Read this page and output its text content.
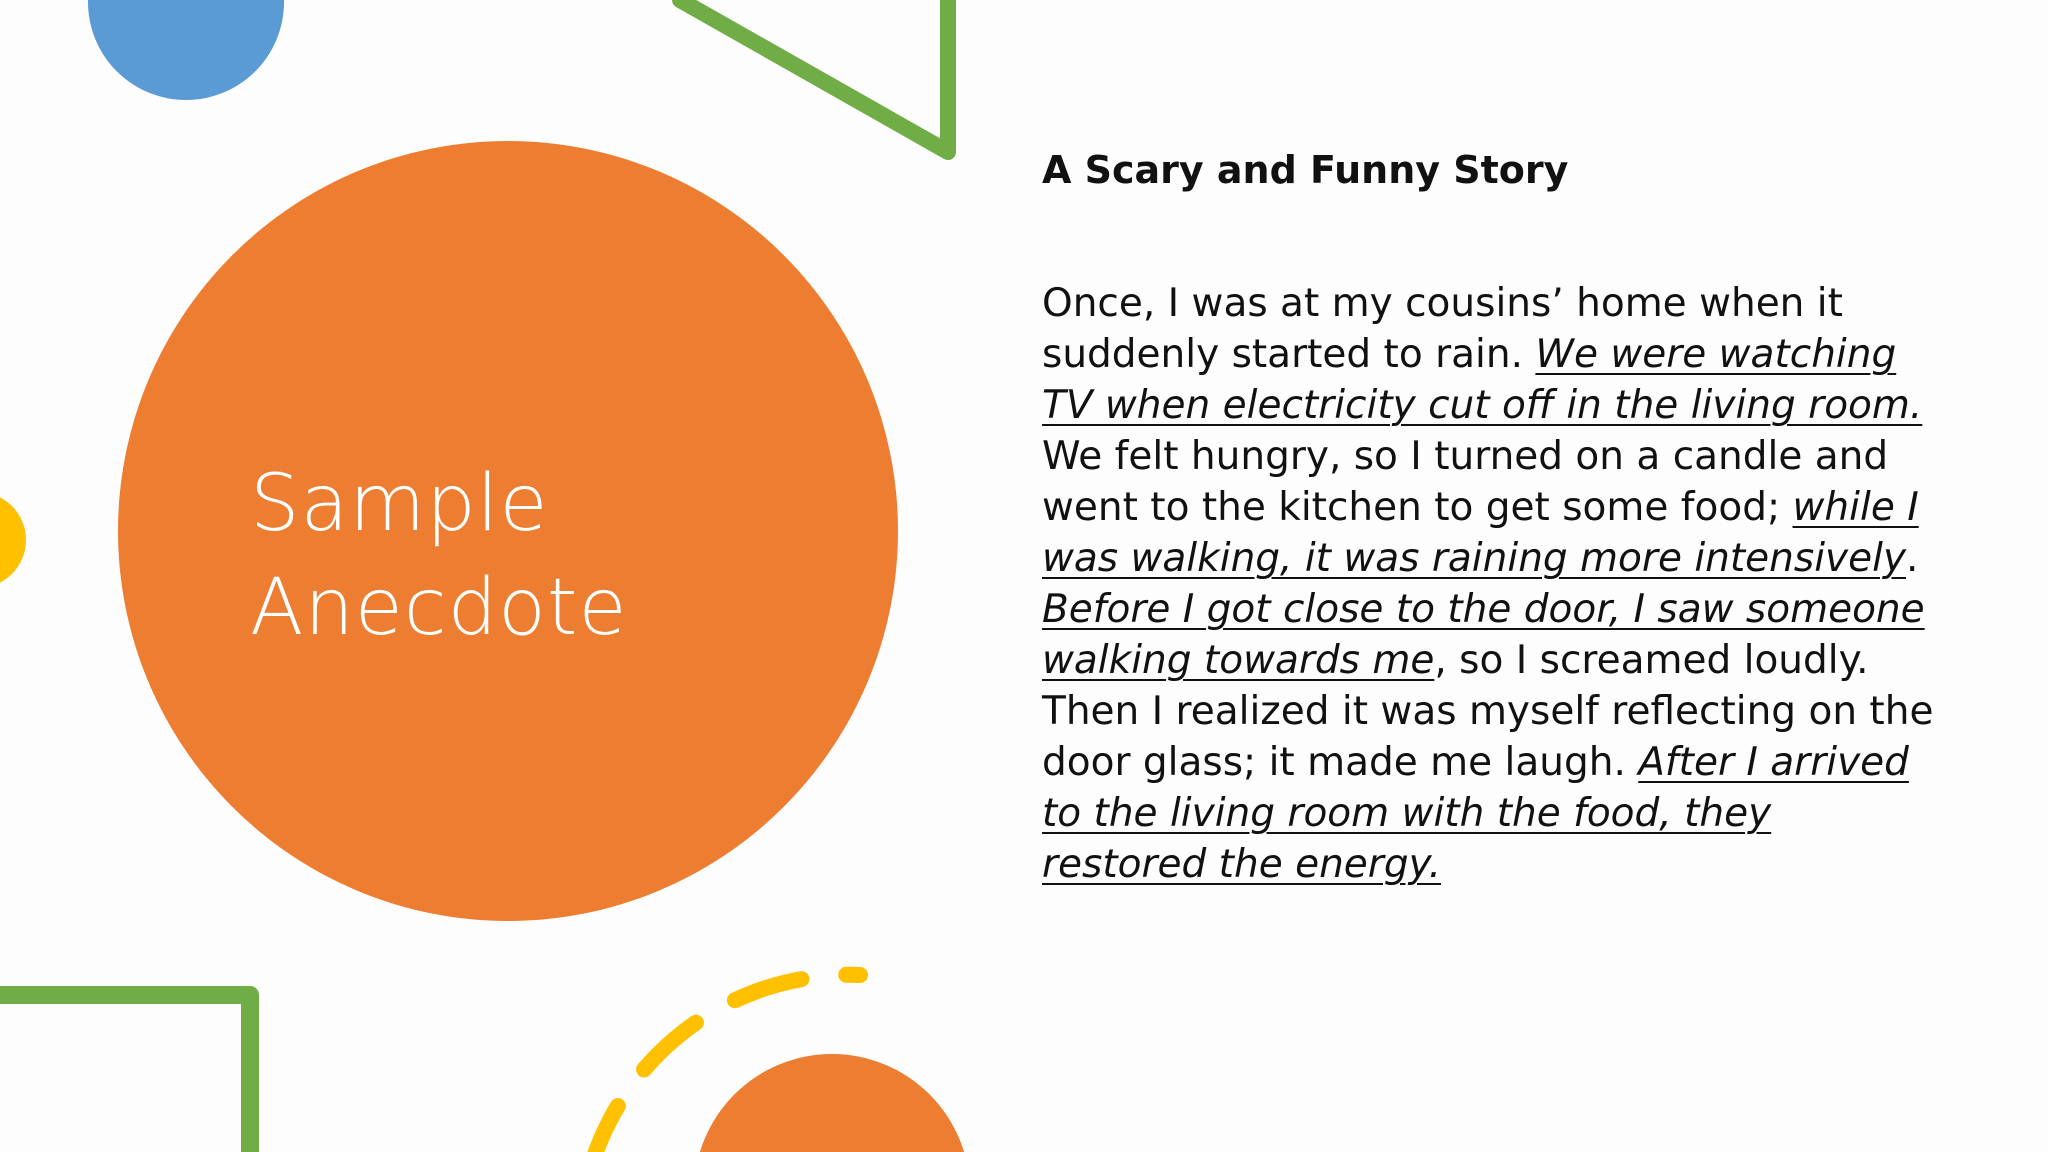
Sample
Anecdote

A Scary and Funny Story

Once, I was at my cousins’ home when it suddenly started to rain. We were watching TV when electricity cut off in the living room. We felt hungry, so I turned on a candle and went to the kitchen to get some food; while I was walking, it was raining more intensively. Before I got close to the door, I saw someone walking towards me, so I screamed loudly. Then I realized it was myself reflecting on the door glass; it made me laugh. After I arrived to the living room with the food, they restored the energy.
